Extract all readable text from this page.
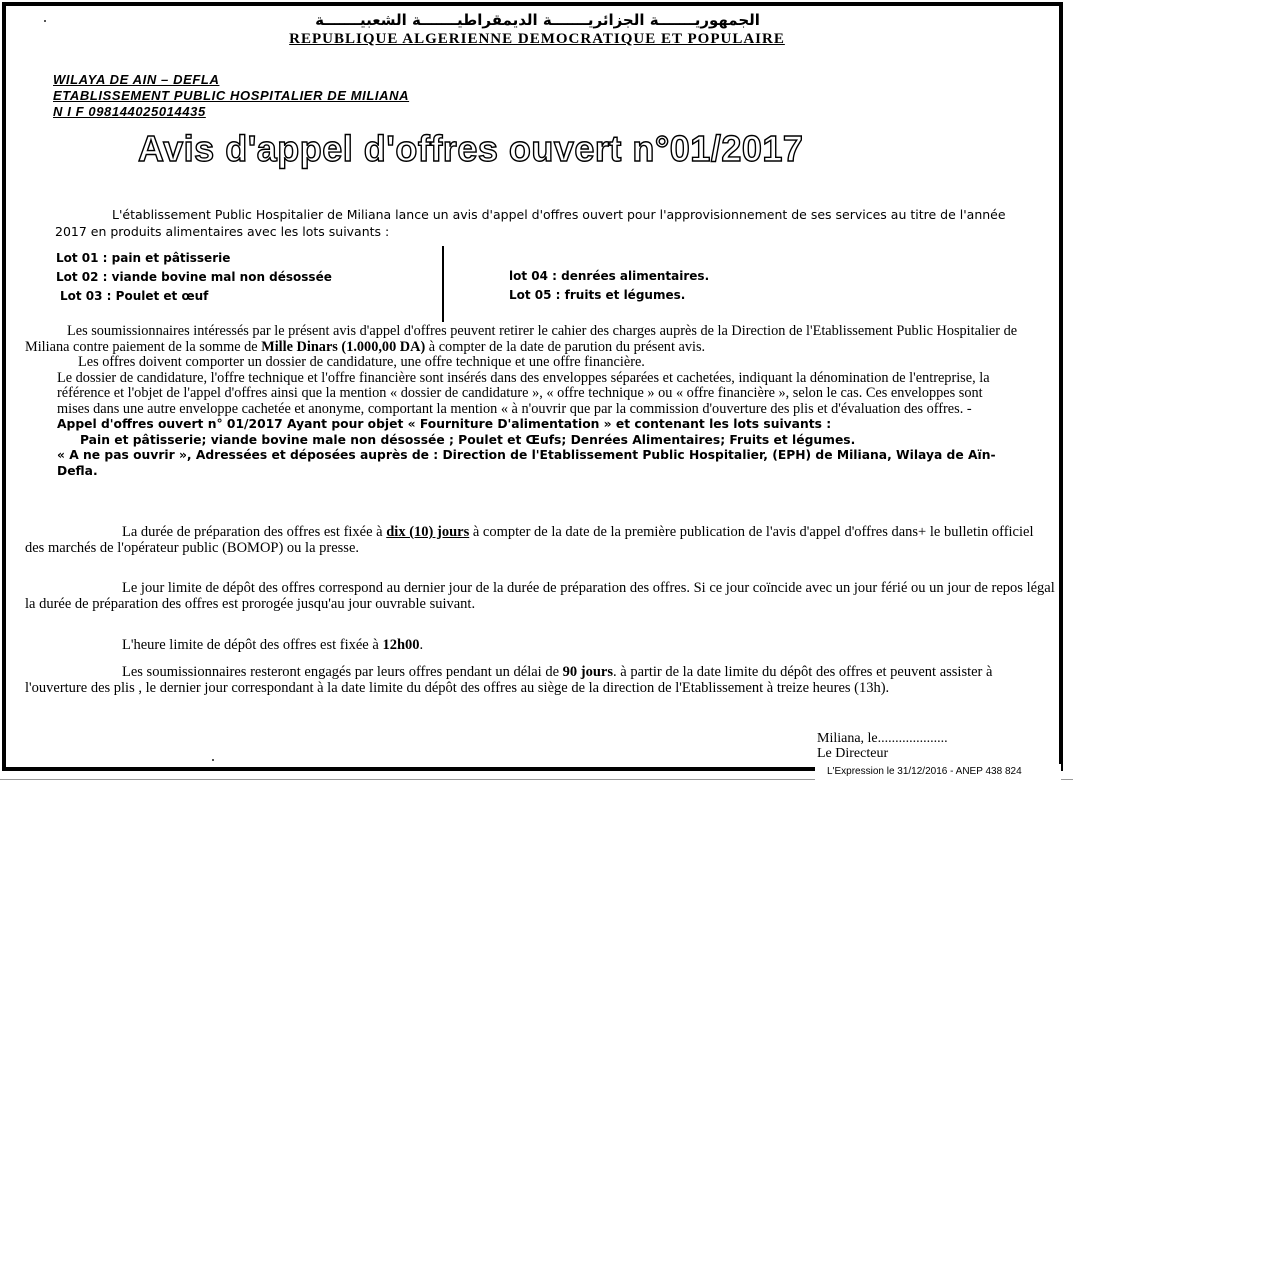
الجمهوريـــــــة الجزائريـــــــة الديمقراطيـــــــة الشعبيـــــــة
REPUBLIQUE ALGERIENNE DEMOCRATIQUE ET POPULAIRE
WILAYA DE AIN – DEFLA
ETABLISSEMENT PUBLIC HOSPITALIER DE MILIANA
N I F 098144025014435
Avis d'appel d'offres ouvert n°01/2017
L'établissement Public Hospitalier de Miliana lance un avis d'appel d'offres ouvert pour l'approvisionnement de ses services au titre de l'année 2017 en produits alimentaires avec les lots suivants :
Lot 01 : pain et pâtisserie
Lot 02 : viande bovine mal non désossée
Lot 03 : Poulet et œuf
lot 04 : denrées alimentaires.
Lot 05 : fruits et légumes.
Les soumissionnaires intéressés par le présent avis d'appel d'offres peuvent retirer le cahier des charges auprès de la Direction de l'Etablissement Public Hospitalier de Miliana contre paiement de la somme de Mille Dinars (1.000,00 DA) à compter de la date de parution du présent avis.
Les offres doivent comporter un dossier de candidature, une offre technique et une offre financière.
Le dossier de candidature, l'offre technique et l'offre financière sont insérés dans des enveloppes séparées et cachetées, indiquant la dénomination de l'entreprise, la référence et l'objet de l'appel d'offres ainsi que la mention « dossier de candidature », « offre technique » ou « offre financière », selon le cas. Ces enveloppes sont mises dans une autre enveloppe cachetée et anonyme, comportant la mention « à n'ouvrir que par la commission d'ouverture des plis et d'évaluation des offres. - Appel d'offres ouvert n° 01/2017 Ayant pour objet « Fourniture D'alimentation » et contenant les lots suivants :
Pain et pâtisserie; viande bovine male non désossée ; Poulet et Œufs; Denrées Alimentaires; Fruits et légumes.
« A ne pas ouvrir », Adressées et déposées auprès de : Direction de l'Etablissement Public Hospitalier, (EPH) de Miliana, Wilaya de Aïn-Defla.
La durée de préparation des offres est fixée à dix (10) jours à compter de la date de la première publication de l'avis d'appel d'offres dans+ le bulletin officiel des marchés de l'opérateur public (BOMOP) ou la presse.
Le jour limite de dépôt des offres correspond au dernier jour de la durée de préparation des offres. Si ce jour coïncide avec un jour férié ou un jour de repos légal la durée de préparation des offres est prorogée jusqu'au jour ouvrable suivant.
L'heure limite de dépôt des offres est fixée à 12h00.
Les soumissionnaires resteront engagés par leurs offres pendant un délai de 90 jours. à partir de la date limite du dépôt des offres et peuvent assister à l'ouverture des plis , le dernier jour correspondant à la date limite du dépôt des offres au siège de la direction de l'Etablissement à treize heures (13h).
Miliana, le....................
Le Directeur
L'Expression le 31/12/2016 - ANEP 438 824
